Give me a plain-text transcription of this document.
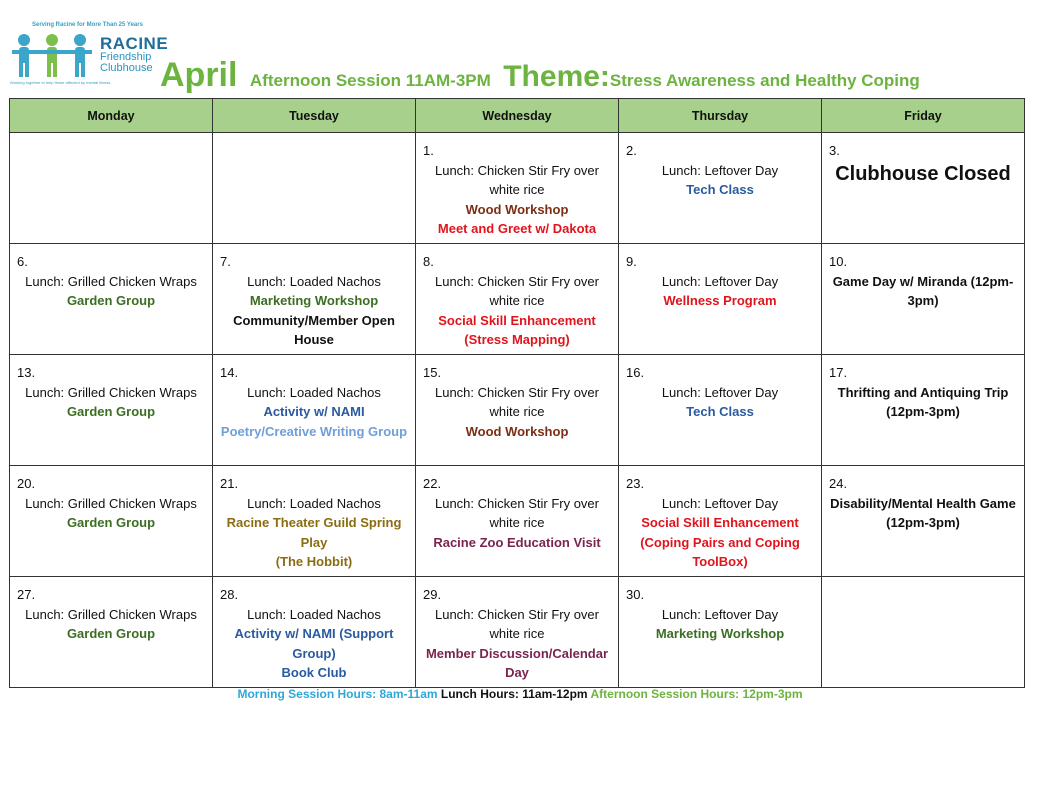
Serving Racine for More Than 25 Years
RACINE
Friendship
Clubhouse
Working together to help those affected by mental illness April Afternoon Session 11AM-3PM Theme:Stress Awareness and Healthy Coping
Monday	Tuesday	Wednesday	Thursday	Friday

		1.
Lunch: Chicken Stir Fry over white rice
Wood Workshop
Meet and Greet w/ Dakota	2.
Lunch: Leftover Day
Tech Class	3.
Clubhouse Closed

6.
Lunch: Grilled Chicken Wraps
Garden Group	7.
Lunch: Loaded Nachos
Marketing Workshop
Community/Member Open House	8.
Lunch: Chicken Stir Fry over white rice
Social Skill Enhancement (Stress Mapping)	9.
Lunch: Leftover Day
Wellness Program	10.
Game Day w/ Miranda (12pm-3pm)

13.
Lunch: Grilled Chicken Wraps
Garden Group	14.
Lunch: Loaded Nachos
Activity w/ NAMI
Poetry/Creative Writing Group	15.
Lunch: Chicken Stir Fry over white rice
Wood Workshop	16.
Lunch: Leftover Day
Tech Class	17.
Thrifting and Antiquing Trip
(12pm-3pm)

20.
Lunch: Grilled Chicken Wraps
Garden Group	21.
Lunch: Loaded Nachos
Racine Theater Guild Spring Play
(The Hobbit)	22.
Lunch: Chicken Stir Fry over white rice
Racine Zoo Education Visit	23.
Lunch: Leftover Day
Social Skill Enhancement (Coping Pairs and Coping ToolBox)	24.
Disability/Mental Health Game
(12pm-3pm)

27.
Lunch: Grilled Chicken Wraps
Garden Group	28.
Lunch: Loaded Nachos
Activity w/ NAMI (Support Group)
Book Club	29.
Lunch: Chicken Stir Fry over white rice
Member Discussion/Calendar Day	30.
Lunch: Leftover Day
Marketing Workshop	

Morning Session Hours: 8am-11am Lunch Hours: 11am-12pm Afternoon Session Hours: 12pm-3pm
